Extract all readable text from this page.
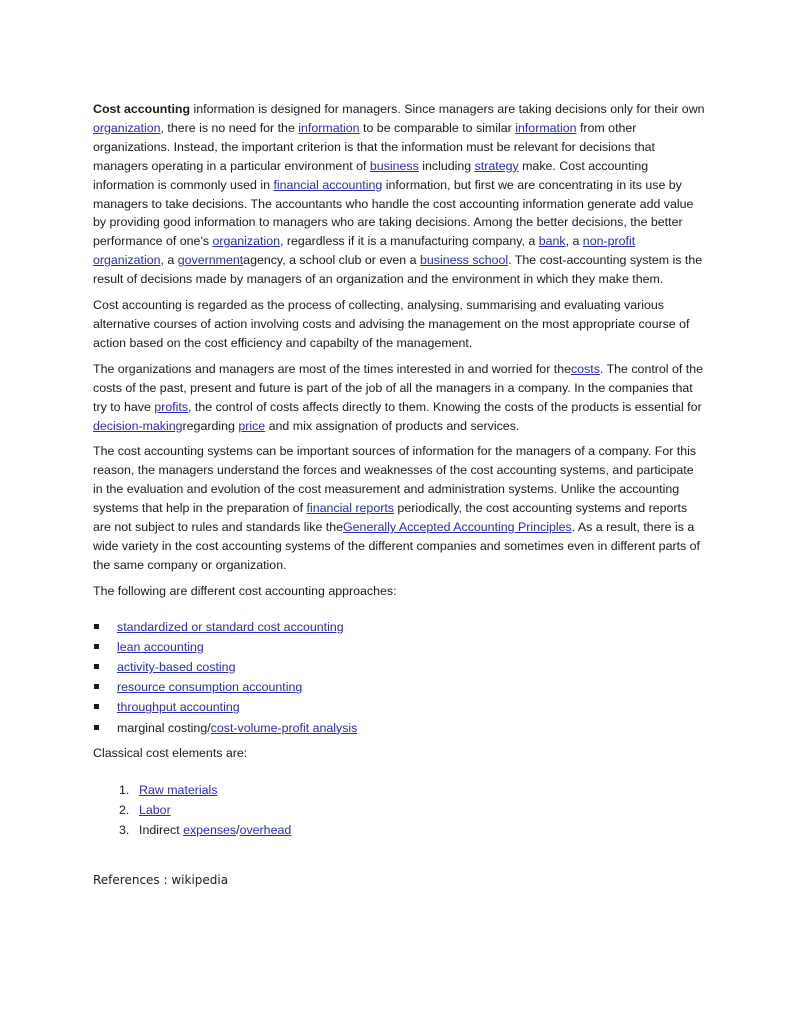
Cost accounting information is designed for managers. Since managers are taking decisions only for their own organization, there is no need for the information to be comparable to similar information from other organizations. Instead, the important criterion is that the information must be relevant for decisions that managers operating in a particular environment of business including strategy make. Cost accounting information is commonly used in financial accounting information, but first we are concentrating in its use by managers to take decisions. The accountants who handle the cost accounting information generate add value by providing good information to managers who are taking decisions. Among the better decisions, the better performance of one's organization, regardless if it is a manufacturing company, a bank, a non-profit organization, a governmentagency, a school club or even a business school. The cost-accounting system is the result of decisions made by managers of an organization and the environment in which they make them.

Cost accounting is regarded as the process of collecting, analysing, summarising and evaluating various alternative courses of action involving costs and advising the management on the most appropriate course of action based on the cost efficiency and capabilty of the management.

The organizations and managers are most of the times interested in and worried for thecosts. The control of the costs of the past, present and future is part of the job of all the managers in a company. In the companies that try to have profits, the control of costs affects directly to them. Knowing the costs of the products is essential for decision-makingregarding price and mix assignation of products and services.

The cost accounting systems can be important sources of information for the managers of a company. For this reason, the managers understand the forces and weaknesses of the cost accounting systems, and participate in the evaluation and evolution of the cost measurement and administration systems. Unlike the accounting systems that help in the preparation of financial reports periodically, the cost accounting systems and reports are not subject to rules and standards like theGenerally Accepted Accounting Principles. As a result, there is a wide variety in the cost accounting systems of the different companies and sometimes even in different parts of the same company or organization.

The following are different cost accounting approaches:

standardized or standard cost accounting
lean accounting
activity-based costing
resource consumption accounting
throughput accounting
marginal costing/cost-volume-profit analysis

Classical cost elements are:

1. Raw materials
2. Labor
3. Indirect expenses/overhead
References : wikipedia
